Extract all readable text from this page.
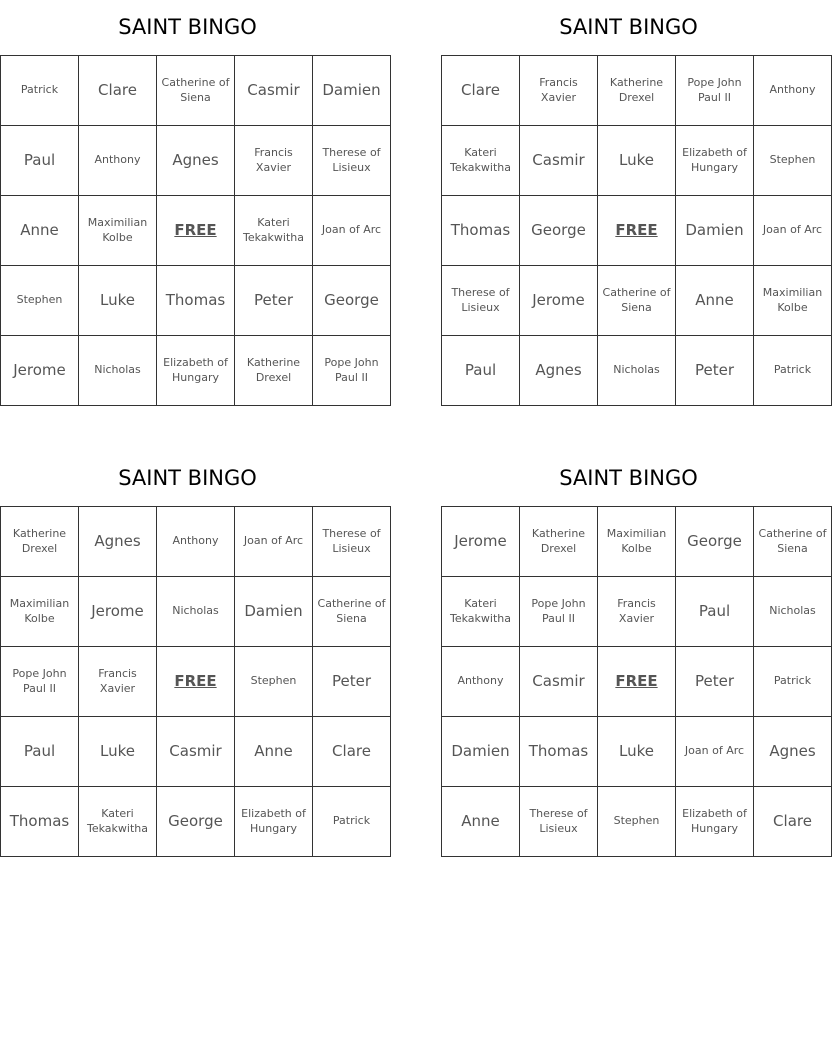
SAINT BINGO
Patrick	Clare	Catherine of Siena	Casmir	Damien
Paul	Anthony	Agnes	Francis Xavier	Therese of Lisieux
Anne	Maximilian Kolbe	FREE	Kateri Tekakwitha	Joan of Arc
Stephen	Luke	Thomas	Peter	George
Jerome	Nicholas	Elizabeth of Hungary	Katherine Drexel	Pope John Paul II
SAINT BINGO
Clare	Francis Xavier	Katherine Drexel	Pope John Paul II	Anthony
Kateri Tekakwitha	Casmir	Luke	Elizabeth of Hungary	Stephen
Thomas	George	FREE	Damien	Joan of Arc
Therese of Lisieux	Jerome	Catherine of Siena	Anne	Maximilian Kolbe
Paul	Agnes	Nicholas	Peter	Patrick
SAINT BINGO
Katherine Drexel	Agnes	Anthony	Joan of Arc	Therese of Lisieux
Maximilian Kolbe	Jerome	Nicholas	Damien	Catherine of Siena
Pope John Paul II	Francis Xavier	FREE	Stephen	Peter
Paul	Luke	Casmir	Anne	Clare
Thomas	Kateri Tekakwitha	George	Elizabeth of Hungary	Patrick
SAINT BINGO
Jerome	Katherine Drexel	Maximilian Kolbe	George	Catherine of Siena
Kateri Tekakwitha	Pope John Paul II	Francis Xavier	Paul	Nicholas
Anthony	Casmir	FREE	Peter	Patrick
Damien	Thomas	Luke	Joan of Arc	Agnes
Anne	Therese of Lisieux	Stephen	Elizabeth of Hungary	Clare
